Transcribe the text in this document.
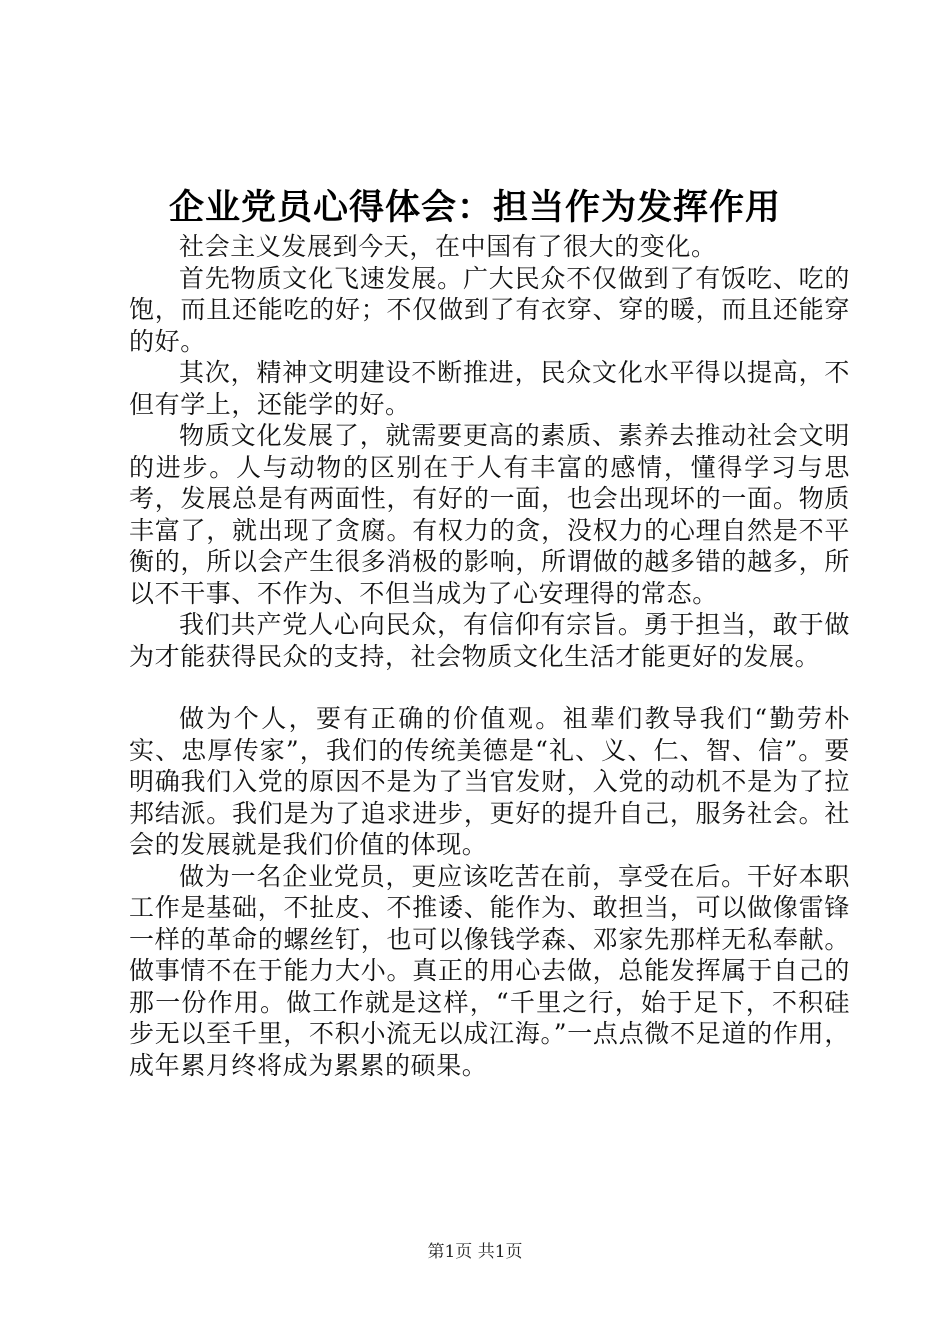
企业党员心得体会：担当作为发挥作用

社会主义发展到今天，在中国有了很大的变化。

首先物质文化飞速发展。广大民众不仅做到了有饭吃、吃的饱，而且还能吃的好；不仅做到了有衣穿、穿的暖，而且还能穿的好。

其次，精神文明建设不断推进，民众文化水平得以提高，不但有学上，还能学的好。

物质文化发展了，就需要更高的素质、素养去推动社会文明的进步。人与动物的区别在于人有丰富的感情，懂得学习与思考，发展总是有两面性，有好的一面，也会出现坏的一面。物质丰富了，就出现了贪腐。有权力的贪，没权力的心理自然是不平衡的，所以会产生很多消极的影响，所谓做的越多错的越多，所以不干事、不作为、不但当成为了心安理得的常态。

我们共产党人心向民众，有信仰有宗旨。勇于担当，敢于做为才能获得民众的支持，社会物质文化生活才能更好的发展。

做为个人，要有正确的价值观。祖辈们教导我们“勤劳朴实、忠厚传家”，我们的传统美德是“礼、义、仁、智、信”。要明确我们入党的原因不是为了当官发财，入党的动机不是为了拉邦结派。我们是为了追求进步，更好的提升自己，服务社会。社会的发展就是我们价值的体现。

做为一名企业党员，更应该吃苦在前，享受在后。干好本职工作是基础，不扯皮、不推诿、能作为、敢担当，可以做像雷锋一样的革命的螺丝钉，也可以像钱学森、邓家先那样无私奉献。做事情不在于能力大小。真正的用心去做，总能发挥属于自己的那一份作用。做工作就是这样，“千里之行，始于足下，不积硅步无以至千里，不积小流无以成江海。”一点点微不足道的作用，成年累月终将成为累累的硕果。

第1页 共1页
